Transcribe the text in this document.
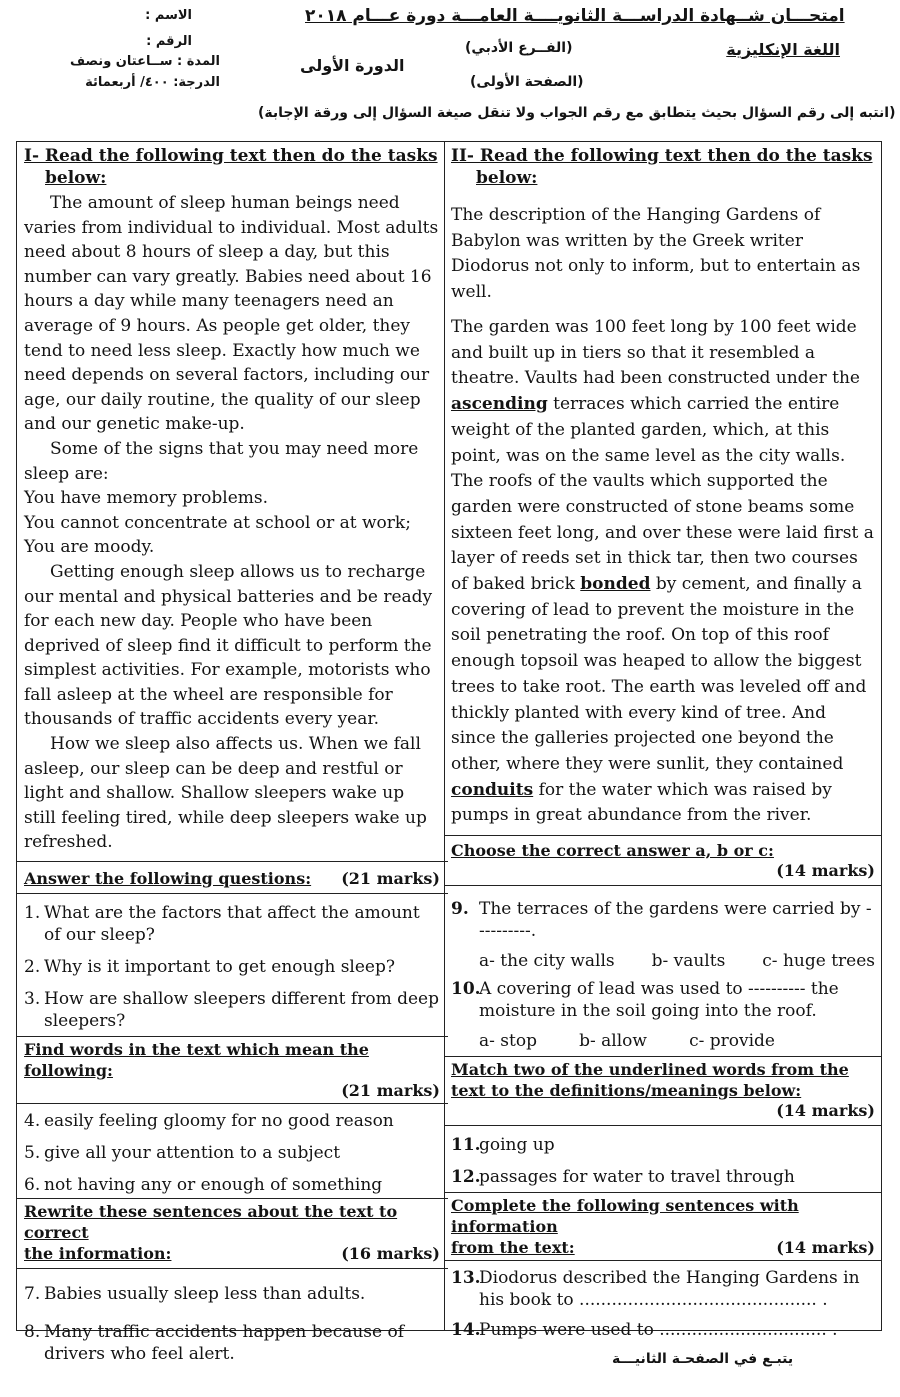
الاسم :
الرقم :
المدة : ســاعتان ونصف
الدرجة: ٤٠٠/ أربعمائة
امتحـــان شــهادة الدراســـة الثانويــــة العامـــة دورة عـــام ٢٠١٨
اللغة الإنكليزية
(الفــرع الأدبي)
(الصفحة الأولى)
الدورة الأولى
(انتبه إلى رقم السؤال بحيث يتطابق مع رقم الجواب ولا تنقل صيغة السؤال إلى ورقة الإجابة)
I- Read the following text then do the tasks
below:

The amount of sleep human beings need varies from individual to individual. Most adults need about 8 hours of sleep a day, but this number can vary greatly. Babies need about 16 hours a day while many teenagers need an average of 9 hours. As people get older, they tend to need less sleep. Exactly how much we need depends on several factors, including our age, our daily routine, the quality of our sleep and our genetic make-up.

Some of the signs that you may need more sleep are:

You have memory problems.

You cannot concentrate at school or at work;

You are moody.

Getting enough sleep allows us to recharge our mental and physical batteries and be ready for each new day. People who have been deprived of sleep find it difficult to perform the simplest activities. For example, motorists who fall asleep at the wheel are responsible for thousands of traffic accidents every year.

How we sleep also affects us. When we fall asleep, our sleep can be deep and restful or light and shallow. Shallow sleepers wake up still feeling tired, while deep sleepers wake up refreshed.

Answer the following questions: (21 marks)
1. What are the factors that affect the amount of our sleep?
2. Why is it important to get enough sleep?
3. How are shallow sleepers different from deep sleepers?
Find words in the text which mean the following:
(21 marks)
4. easily feeling gloomy for no good reason
5. give all your attention to a subject
6. not having any or enough of something
Rewrite these sentences about the text to correct
the information:	(16 marks)
7. Babies usually sleep less than adults.
8. Many traffic accidents happen because of drivers who feel alert.
II- Read the following text then do the tasks
below:

The description of the Hanging Gardens of Babylon was written by the Greek writer Diodorus not only to inform, but to entertain as well.

The garden was 100 feet long by 100 feet wide and built up in tiers so that it resembled a theatre. Vaults had been constructed under the ascending terraces which carried the entire weight of the planted garden, which, at this point, was on the same level as the city walls. The roofs of the vaults which supported the garden were constructed of stone beams some sixteen feet long, and over these were laid first a layer of reeds set in thick tar, then two courses of baked brick bonded by cement, and finally a covering of lead to prevent the moisture in the soil penetrating the roof. On top of this roof enough topsoil was heaped to allow the biggest trees to take root. The earth was leveled off and thickly planted with every kind of tree. And since the galleries projected one beyond the other, where they were sunlit, they contained conduits for the water which was raised by pumps in great abundance from the river.

Choose the correct answer a, b or c:
(14 marks)
9. The terraces of the gardens were carried by ----------.
a- the city walls b- vaults c- huge trees
10.
A covering of lead was used to ---------- the moisture in the soil going into the roof.
a- stop b- allow c- provide
Match two of the underlined words from the
text to the definitions/meanings below:
(14 marks)
11.
going up
12.
passages for water to travel through
Complete the following sentences with information
from the text:	(14 marks)
13.
Diodorus described the Hanging Gardens in his book to ............................................ .
14.
Pumps were used to ............................... .
يتبـع في الصفحـة الثانيـــة
